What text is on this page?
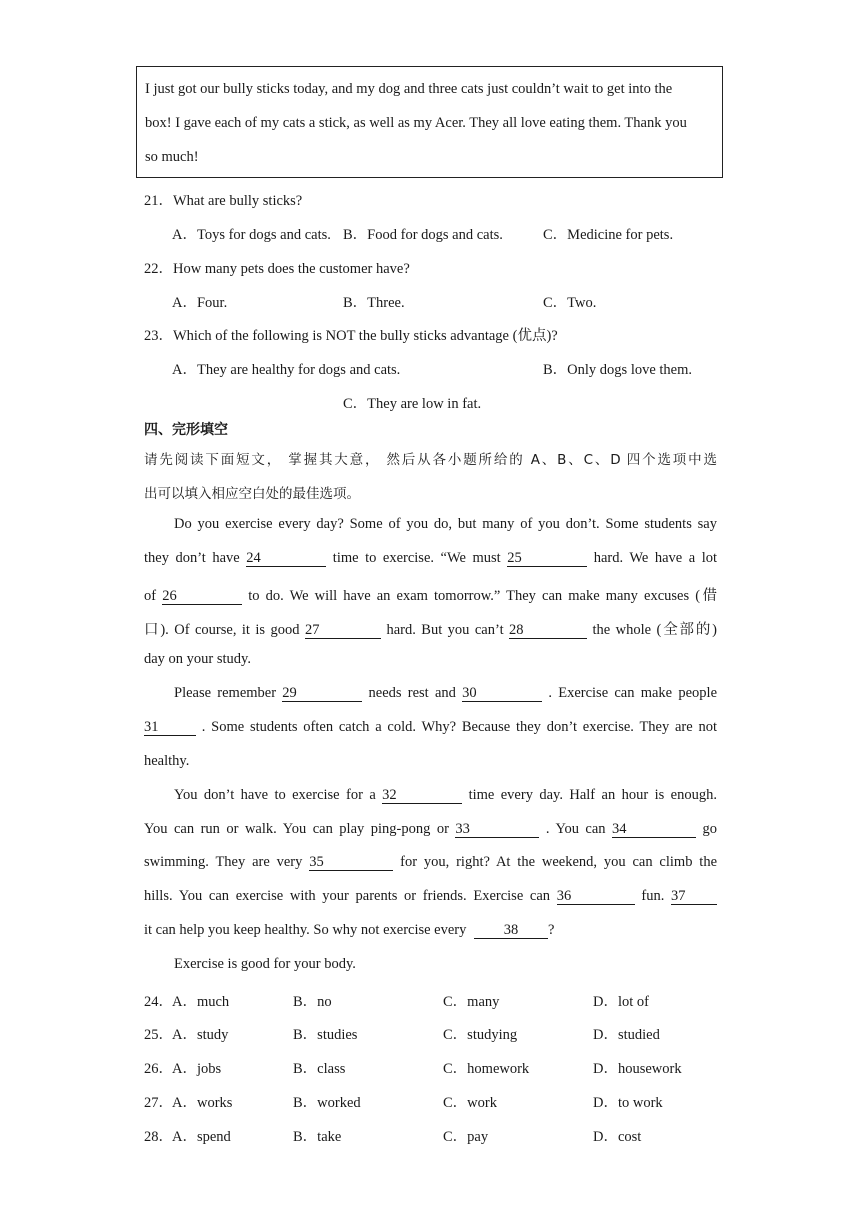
I just got our bully sticks today, and my dog and three cats just couldn’t wait to get into the

box! I gave each of my cats a stick, as well as my Acer. They all love eating them. Thank you

so much!

21．What are bully sticks?
A．Toys for dogs and cats. B．Food for dogs and cats.	C．Medicine for pets.
22．How many pets does the customer have?
A．Four.	B．Three.	C．Two.
23．Which of the following is NOT the bully sticks advantage (优点)?
A．They are healthy for dogs and cats.	B．Only dogs love them.
C．They are low in fat.
四、完形填空
请先阅读下面短文， 掌握其大意， 然后从各小题所给的 A、B、C、D 四个选项中选
出可以填入相应空白处的最佳选项。
Do you exercise every day? Some of you do, but many of you don’t. Some students say
they don’t have 24	time to exercise. “We must 25	hard. We have a lot
of 26	to do. We will have an exam tomorrow.” They can make many excuses (借
口). Of course, it is good 27	hard. But you can’t 28	the whole (全部的)
day on your study.
Please remember 29	needs rest and 30	. Exercise can make people
31	. Some students often catch a cold. Why? Because they don’t exercise. They are not
healthy.
You don’t have to exercise for a 32	time every day. Half an hour is enough.
You can run or walk. You can play ping-pong or 33	. You can 34	go
swimming. They are very 35	for you, right? At the weekend, you can climb the
hills. You can exercise with your parents or friends. Exercise can 36	fun. 37
it can help you keep healthy. So why not exercise every	38 ?
Exercise is good for your body.
24． A．much	B．no	C．many	D．lot of
25． A．study	B．studies	C．studying	D．studied
26． A．jobs	B．class	C．homework	D．housework
27． A．works	B．worked	C．work	D．to work
28． A．spend	B．take	C．pay	D．cost
